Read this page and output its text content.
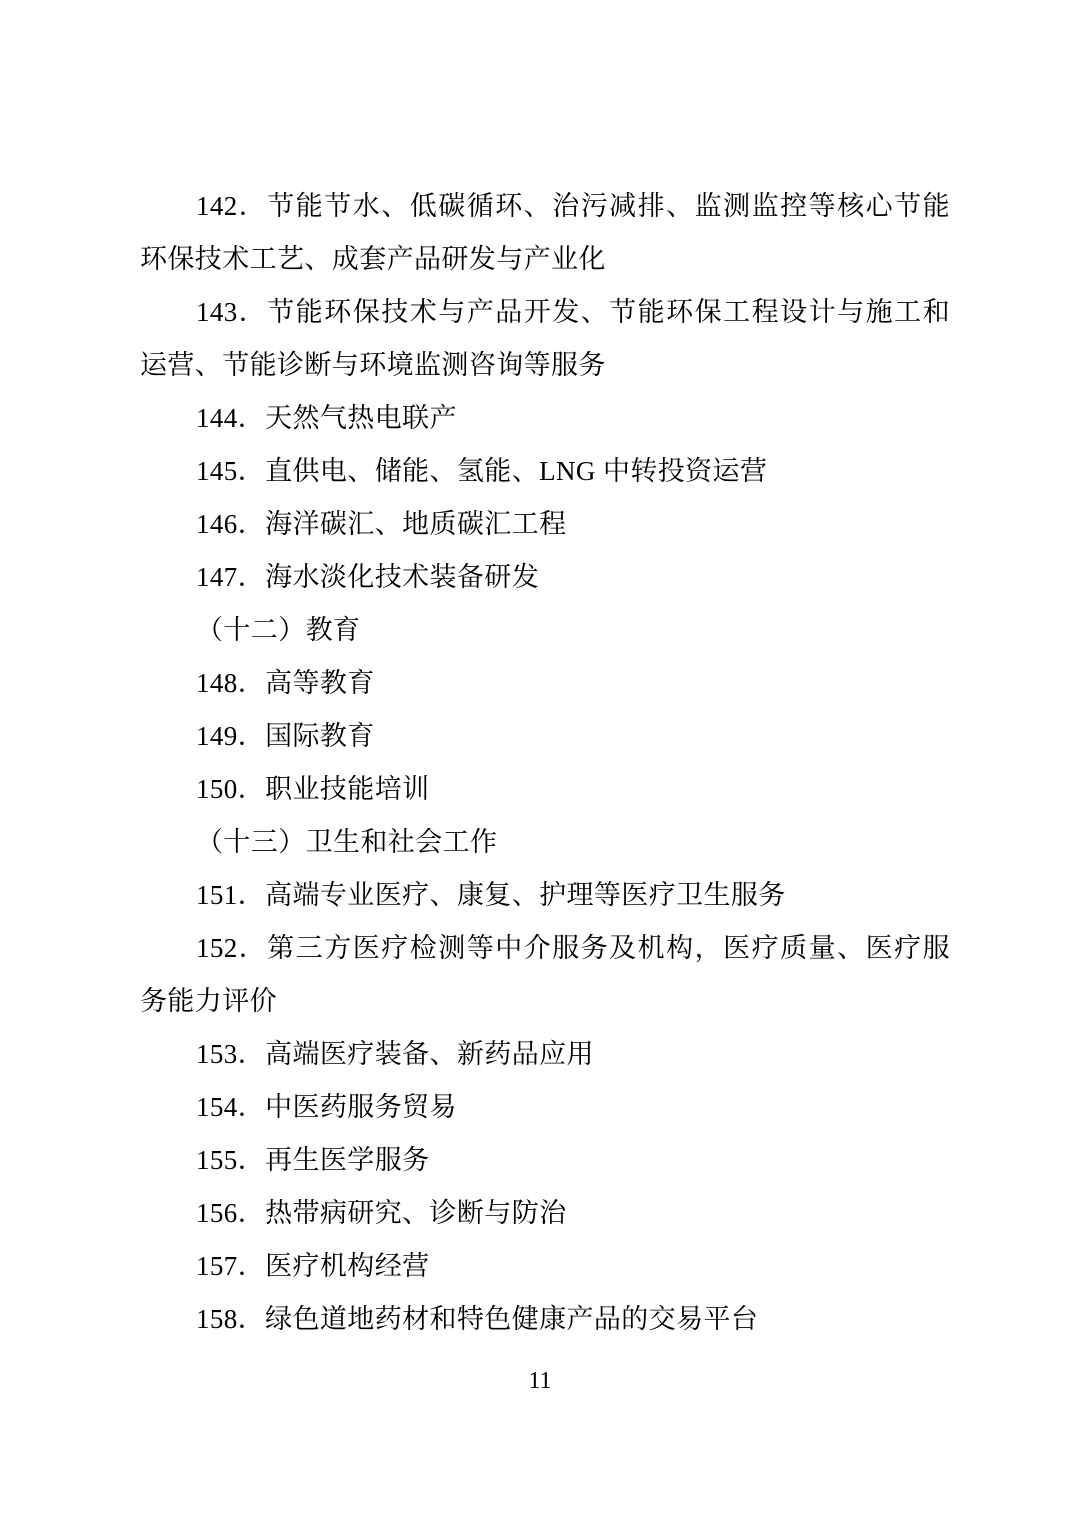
142．节能节水、低碳循环、治污减排、监测监控等核心节能环保技术工艺、成套产品研发与产业化

143．节能环保技术与产品开发、节能环保工程设计与施工和运营、节能诊断与环境监测咨询等服务

144．天然气热电联产

145．直供电、储能、氢能、LNG 中转投资运营

146．海洋碳汇、地质碳汇工程

147．海水淡化技术装备研发

（十二）教育

148．高等教育

149．国际教育

150．职业技能培训

（十三）卫生和社会工作

151．高端专业医疗、康复、护理等医疗卫生服务

152．第三方医疗检测等中介服务及机构，医疗质量、医疗服务能力评价

153．高端医疗装备、新药品应用

154．中医药服务贸易

155．再生医学服务

156．热带病研究、诊断与防治

157．医疗机构经营

158．绿色道地药材和特色健康产品的交易平台

11
